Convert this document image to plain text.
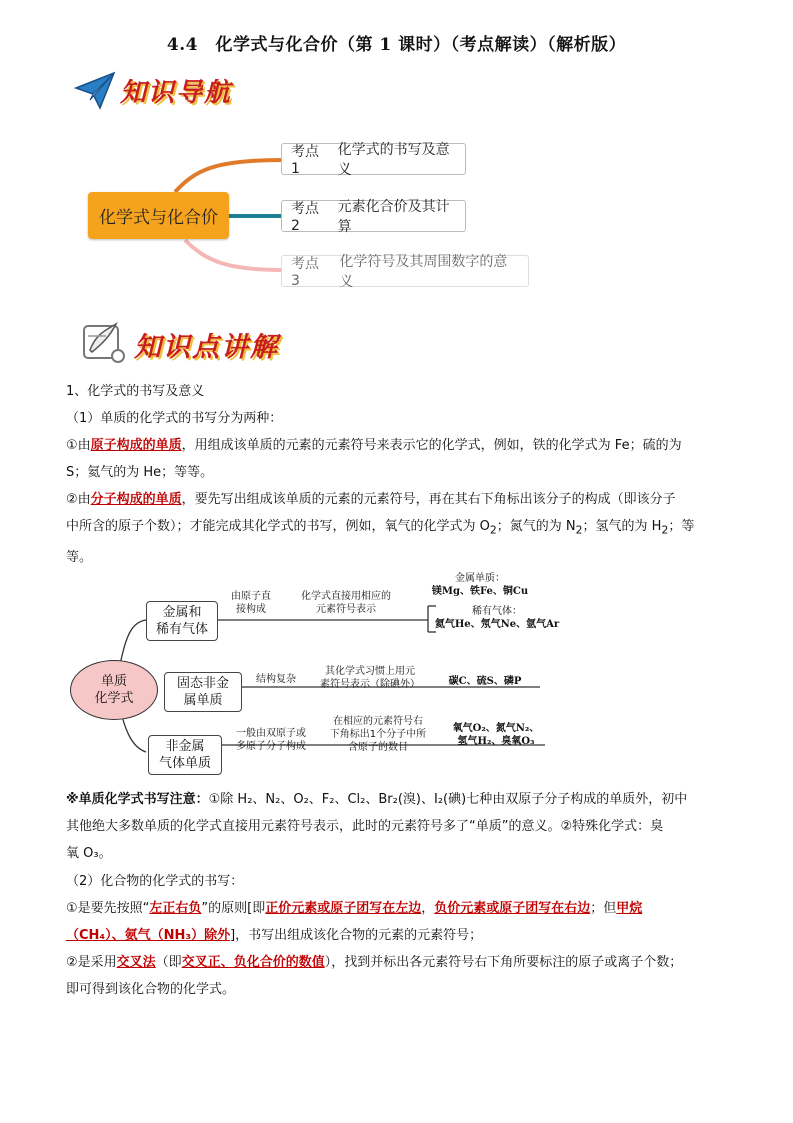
4.4　化学式与化合价（第 1 课时）（考点解读）（解析版）
知识导航
化学式与化合价
考点1
化学式的书写及意义
考点2
元素化合价及其计算
考点3
化学符号及其周围数字的意义
知识点讲解
1、化学式的书写及意义
（1）单质的化学式的书写分为两种：
①由原子构成的单质，用组成该单质的元素的元素符号来表示它的化学式，例如，铁的化学式为 Fe；硫的为
S；氦气的为 He；等等。
②由分子构成的单质，要先写出组成该单质的元素的元素符号，再在其右下角标出该分子的构成（即该分子
中所含的原子个数）；才能完成其化学式的书写，例如，氧气的化学式为 $O_2$；氮气的为 $N_2$；氢气的为 $H_2$；等
等。
单质
化学式
金属和
稀有气体
固态非金
属单质
非金属
气体单质
由原子直
接构成
化学式直接用相应的
元素符号表示
金属单质：
镁Mg、铁Fe、铜Cu
稀有气体：
氦气He、氖气Ne、氩气Ar
结构复杂
其化学式习惯上用元
素符号表示（除碘外）	碳C、硫S、磷P
一般由双原子或
多原子分子构成
在相应的元素符号右
下角标出1个分子中所
含原子的数目
氧气O₂、氮气N₂、
氢气H₂、臭氧O₃
※单质化学式书写注意：①除 H₂、N₂、O₂、F₂、Cl₂、Br₂(溴)、I₂(碘)七种由双原子分子构成的单质外，初中
其他绝大多数单质的化学式直接用元素符号表示，此时的元素符号多了“单质”的意义。②特殊化学式：臭
氧 O₃。
（2）化合物的化学式的书写：
①是要先按照“左正右负”的原则[即正价元素或原子团写在左边，负价元素或原子团写在右边；但甲烷
（CH₄）、氨气（NH₃）除外]，书写出组成该化合物的元素的元素符号；
②是采用交叉法（即交叉正、负化合价的数值），找到并标出各元素符号右下角所要标注的原子或离子个数；
即可得到该化合物的化学式。
